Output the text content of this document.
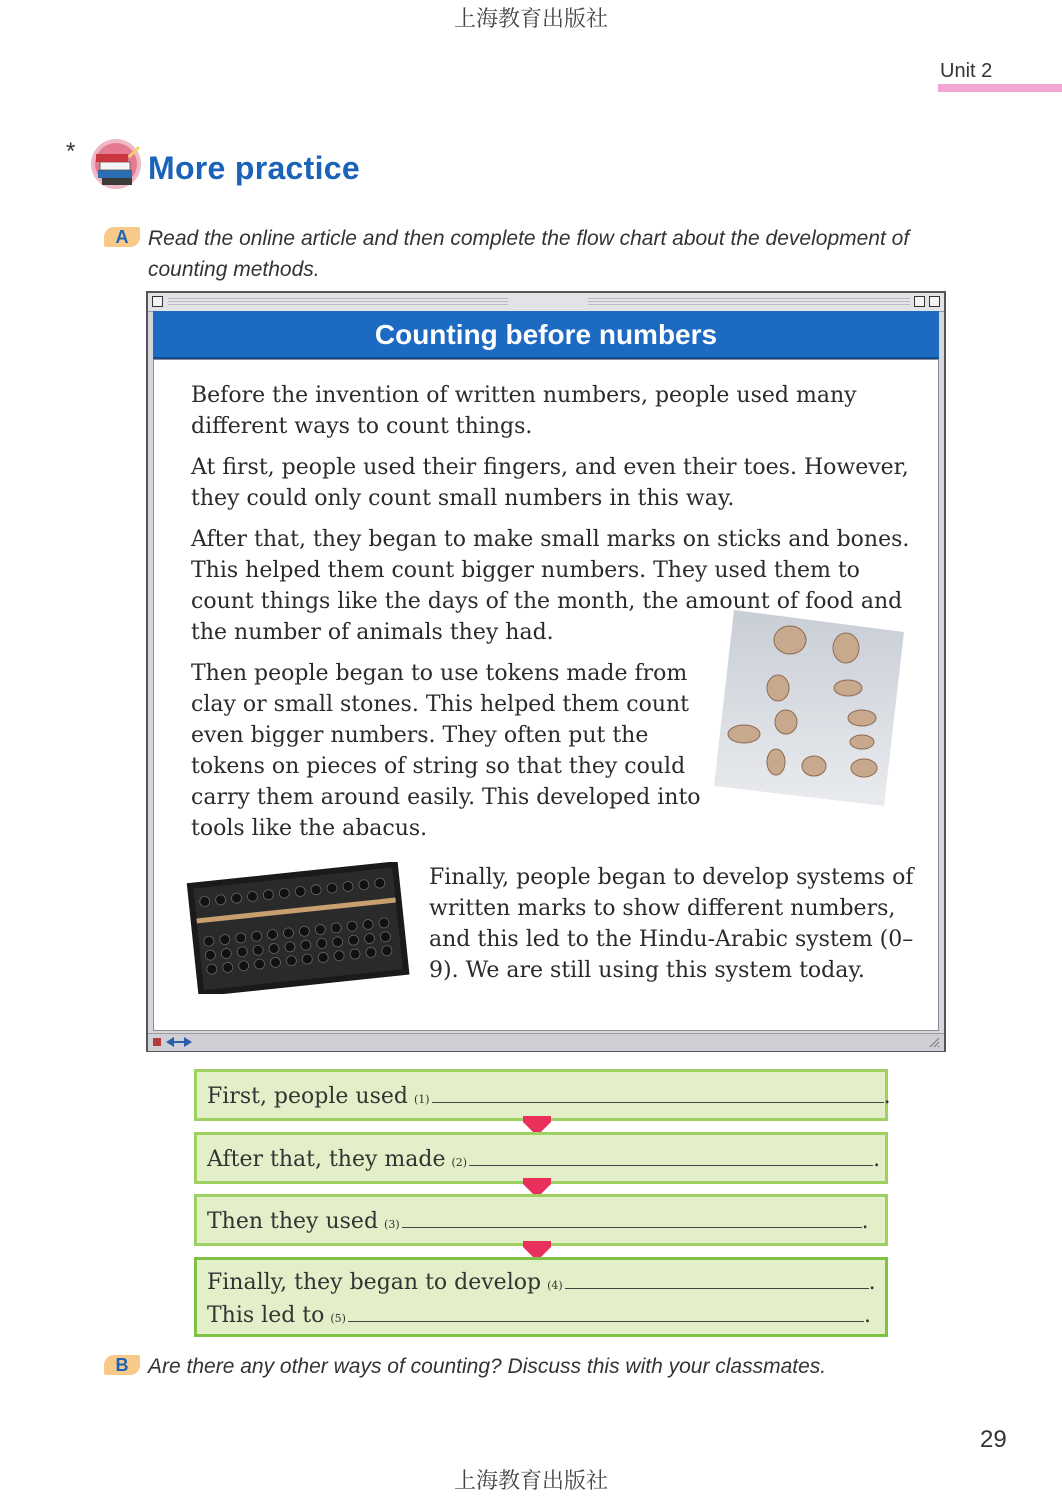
上海教育出版社
Unit 2
* More practice
A Read the online article and then complete the flow chart about the development of counting methods.
Counting before numbers
Before the invention of written numbers, people used many different ways to count things.
At first, people used their fingers, and even their toes. However, they could only count small numbers in this way.
After that, they began to make small marks on sticks and bones. This helped them count bigger numbers. They used them to count things like the days of the month, the amount of food and the number of animals they had.
Then people began to use tokens made from clay or small stones. This helped them count even bigger numbers. They often put the tokens on pieces of string so that they could carry them around easily. This developed into tools like the abacus.
Finally, people began to develop systems of written marks to show different numbers, and this led to the Hindu-Arabic system (0–9). We are still using this system today.
First, people used (1)	.
After that, they made (2)	.
Then they used (3)	.
Finally, they began to develop (4)	.
This led to (5)	.
B Are there any other ways of counting? Discuss this with your classmates.
29
上海教育出版社
